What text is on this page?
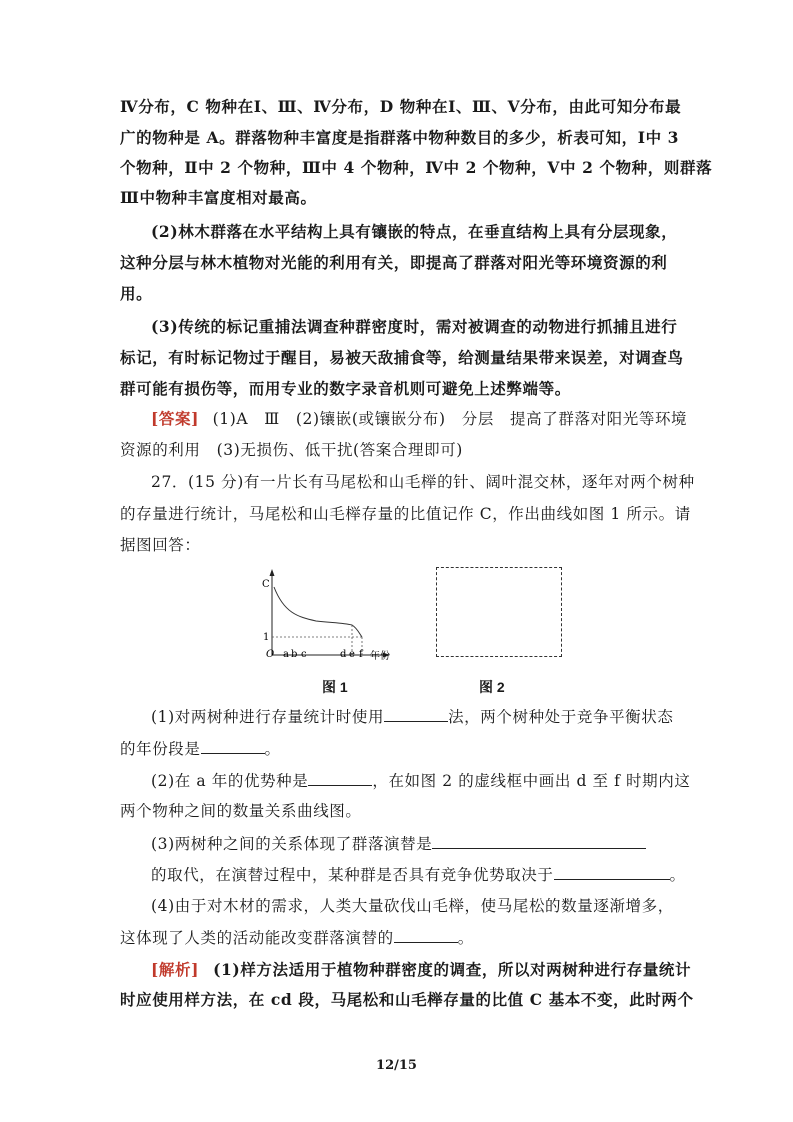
Ⅳ分布，C 物种在Ⅰ、Ⅲ、Ⅳ分布，D 物种在Ⅰ、Ⅲ、Ⅴ分布，由此可知分布最
广的物种是 A。群落物种丰富度是指群落中物种数目的多少，析表可知，Ⅰ中 3
个物种，Ⅱ中 2 个物种，Ⅲ中 4 个物种，Ⅳ中 2 个物种，Ⅴ中 2 个物种，则群落
Ⅲ中物种丰富度相对最高。
(2)林木群落在水平结构上具有镶嵌的特点，在垂直结构上具有分层现象，
这种分层与林木植物对光能的利用有关，即提高了群落对阳光等环境资源的利
用。
(3)传统的标记重捕法调查种群密度时，需对被调查的动物进行抓捕且进行
标记，有时标记物过于醒目，易被天敌捕食等，给测量结果带来误差，对调查鸟
群可能有损伤等，而用专业的数字录音机则可避免上述弊端等。
[答案] (1)A　Ⅲ　(2)镶嵌(或镶嵌分布)　分层　提高了群落对阳光等环境
资源的利用　(3)无损伤、低干扰(答案合理即可)
27．(15 分)有一片长有马尾松和山毛榉的针、阔叶混交林，逐年对两个树种
的存量进行统计，马尾松和山毛榉存量的比值记作 C，作出曲线如图 1 所示。请
据图回答：
C
1
O a b c	d e f 年份
图 1	图 2
(1)对两树种进行存量统计时使用	法，两个树种处于竞争平衡状态
的年份段是	。
(2)在 a 年的优势种是	，在如图 2 的虚线框中画出 d 至 f 时期内这
两个物种之间的数量关系曲线图。
(3)两树种之间的关系体现了群落演替是
的取代，在演替过程中，某种群是否具有竞争优势取决于	。
(4)由于对木材的需求，人类大量砍伐山毛榉，使马尾松的数量逐渐增多，
这体现了人类的活动能改变群落演替的	。
[解析] (1)样方法适用于植物种群密度的调查，所以对两树种进行存量统计
时应使用样方法，在 cd 段，马尾松和山毛榉存量的比值 C 基本不变，此时两个
12/15
